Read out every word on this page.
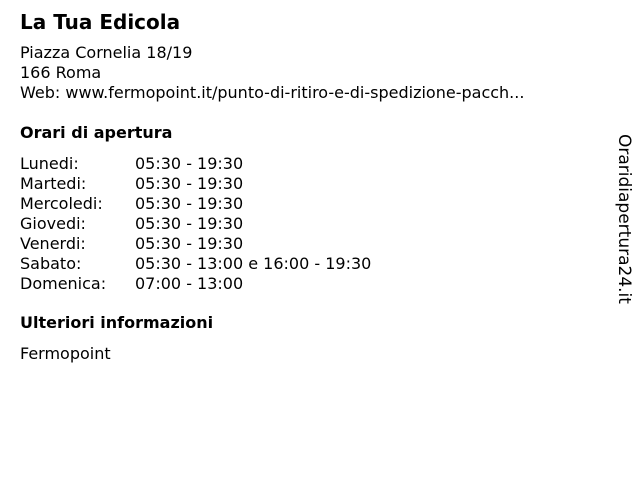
La Tua Edicola
Piazza Cornelia 18/19
166 Roma
Web: www.fermopoint.it/punto-di-ritiro-e-di-spedizione-pacch...
Orari di apertura
Lunedi:	05:30 - 19:30
Martedi:	05:30 - 19:30
Mercoledi: 05:30 - 19:30
Giovedi:	05:30 - 19:30
Venerdi:	05:30 - 19:30
Sabato:	05:30 - 13:00 e 16:00 - 19:30
Domenica: 07:00 - 13:00
Ulteriori informazioni
Fermopoint
Oraridiapertura24.it
